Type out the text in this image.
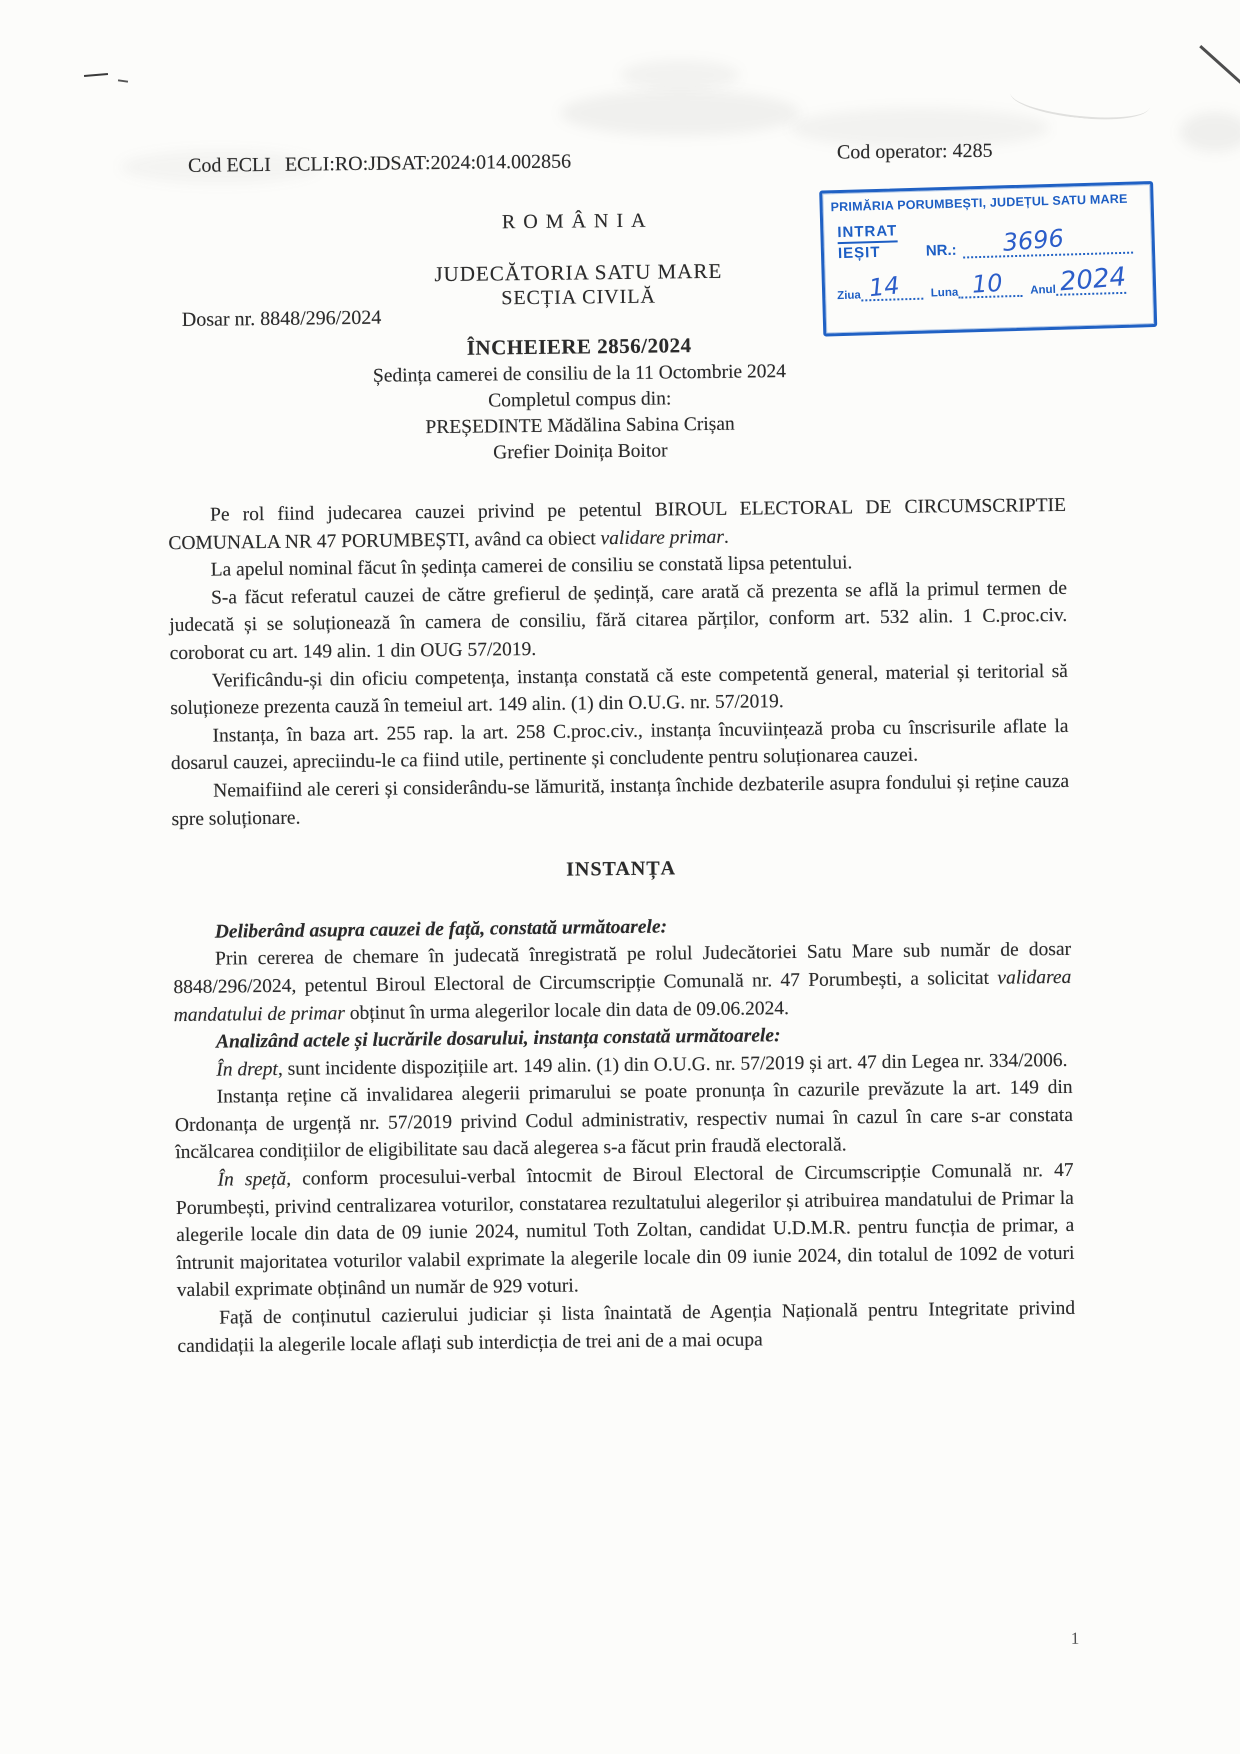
Cod ECLI ECLI:RO:JDSAT:2024:014.002856	Cod operator: 4285
PRIMĂRIA PORUMBEȘTI, JUDEȚUL SATU MARE
INTRAT
IEȘIT	NR.: 3696
Ziua 14	Luna 10 Anul 2024
ROMÂNIA
JUDECĂTORIA SATU MARE
SECȚIA CIVILĂ
Dosar nr. 8848/296/2024
ÎNCHEIERE 2856/2024
Ședința camerei de consiliu de la 11 Octombrie 2024
Completul compus din:
PREȘEDINTE Mădălina Sabina Crișan
Grefier Doinița Boitor

Pe rol fiind judecarea cauzei privind pe petentul BIROUL ELECTORAL DE CIRCUMSCRIPTIE COMUNALA NR 47 PORUMBEȘTI, având ca obiect validare primar.

La apelul nominal făcut în ședința camerei de consiliu se constată lipsa petentului.

S-a făcut referatul cauzei de către grefierul de ședință, care arată că prezenta se află la primul termen de judecată și se soluționează în camera de consiliu, fără citarea părților, conform art. 532 alin. 1 C.proc.civ. coroborat cu art. 149 alin. 1 din OUG 57/2019.

Verificându-și din oficiu competența, instanța constată că este competentă general, material și teritorial să soluționeze prezenta cauză în temeiul art. 149 alin. (1) din O.U.G. nr. 57/2019.

Instanța, în baza art. 255 rap. la art. 258 C.proc.civ., instanța încuviințează proba cu înscrisurile aflate la dosarul cauzei, apreciindu-le ca fiind utile, pertinente și concludente pentru soluționarea cauzei.

Nemaifiind ale cereri și considerându-se lămurită, instanța închide dezbaterile asupra fondului și reține cauza spre soluționare.

INSTANȚA

Deliberând asupra cauzei de față, constată următoarele:

Prin cererea de chemare în judecată înregistrată pe rolul Judecătoriei Satu Mare sub număr de dosar 8848/296/2024, petentul Biroul Electoral de Circumscripție Comunală nr. 47 Porumbești, a solicitat validarea mandatului de primar obținut în urma alegerilor locale din data de 09.06.2024.

Analizând actele și lucrările dosarului, instanța constată următoarele:

În drept, sunt incidente dispozițiile art. 149 alin. (1) din O.U.G. nr. 57/2019 și art. 47 din Legea nr. 334/2006.

Instanța reține că invalidarea alegerii primarului se poate pronunța în cazurile prevăzute la art. 149 din Ordonanța de urgență nr. 57/2019 privind Codul administrativ, respectiv numai în cazul în care s-ar constata încălcarea condițiilor de eligibilitate sau dacă alegerea s-a făcut prin fraudă electorală.

În speță, conform procesului-verbal întocmit de Biroul Electoral de Circumscripție Comunală nr. 47 Porumbești, privind centralizarea voturilor, constatarea rezultatului alegerilor și atribuirea mandatului de Primar la alegerile locale din data de 09 iunie 2024, numitul Toth Zoltan, candidat U.D.M.R. pentru funcția de primar, a întrunit majoritatea voturilor valabil exprimate la alegerile locale din 09 iunie 2024, din totalul de 1092 de voturi valabil exprimate obținând un număr de 929 voturi.

Față de conținutul cazierului judiciar și lista înaintată de Agenția Națională pentru Integritate privind candidații la alegerile locale aflați sub interdicția de trei ani de a mai ocupa

1
